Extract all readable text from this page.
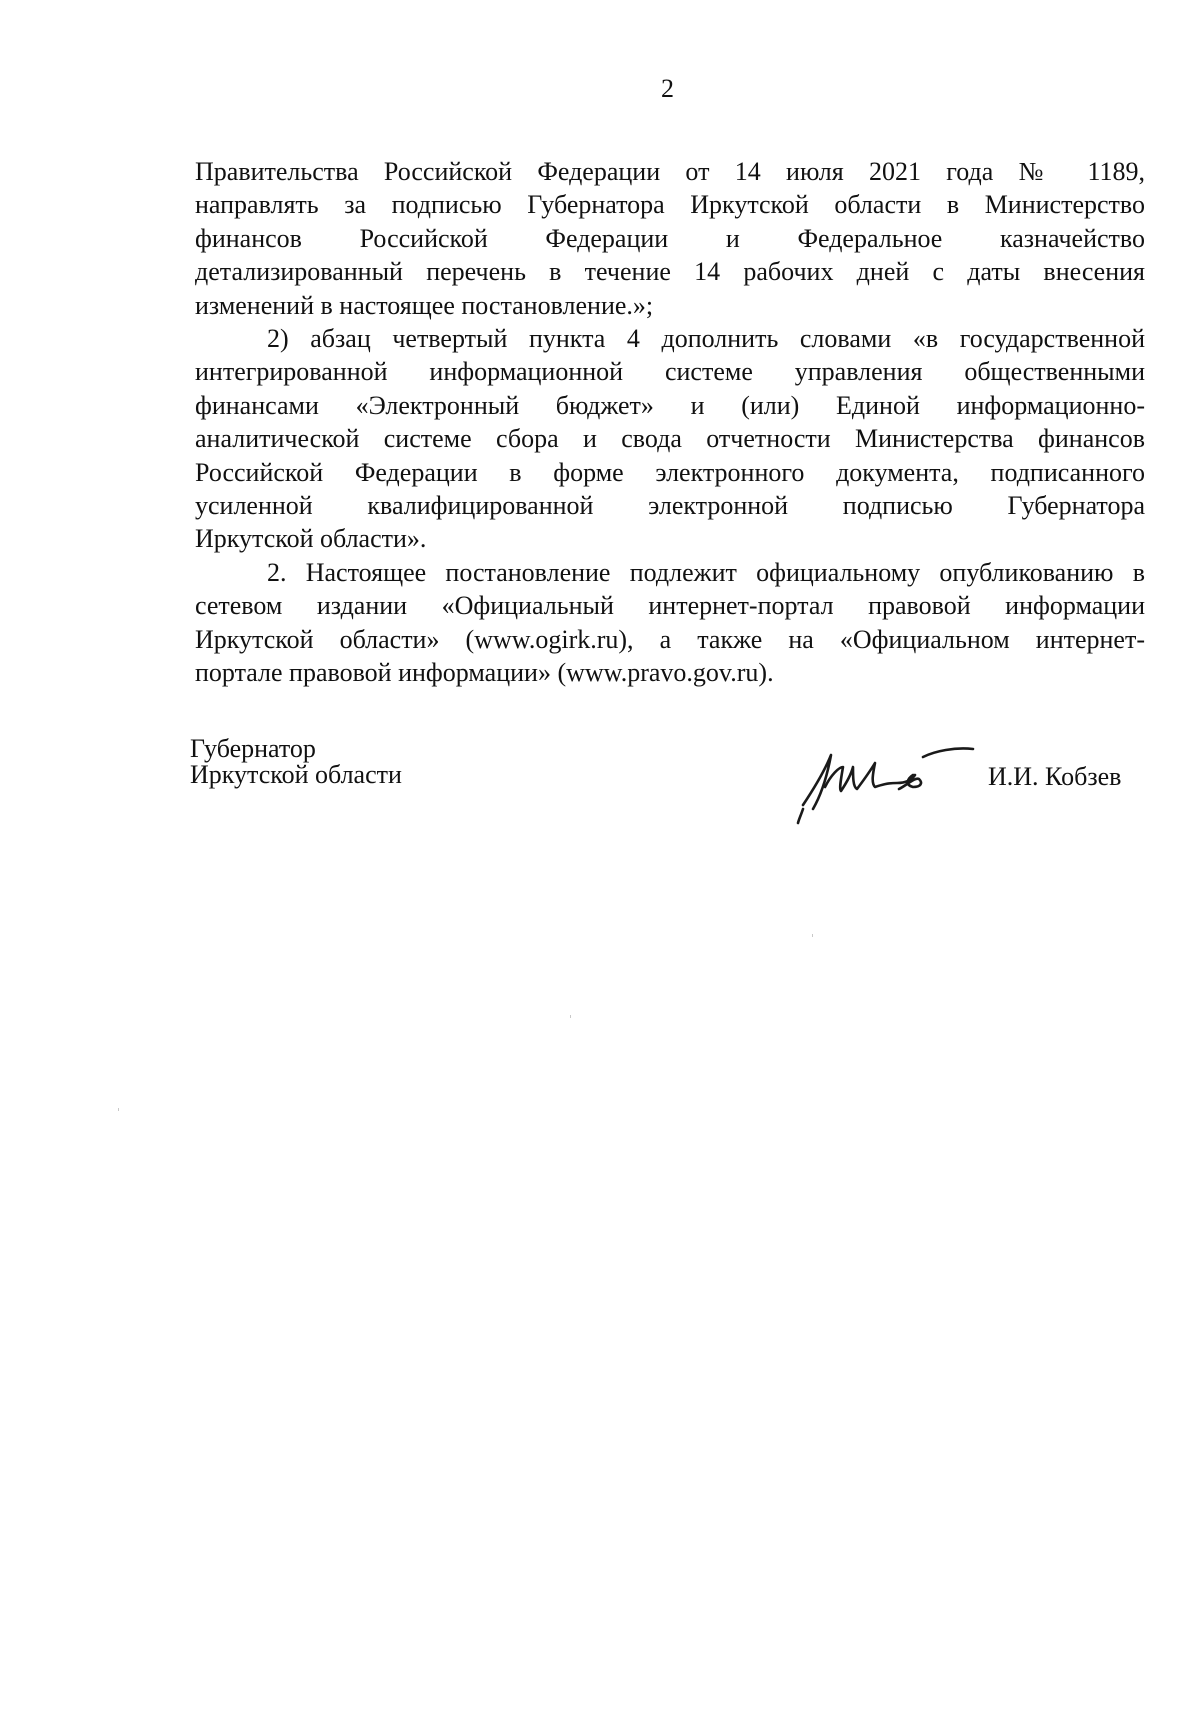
2

Правительства Российской Федерации от 14 июля 2021 года № 1189,

направлять за подписью Губернатора Иркутской области в Министерство

финансов Российской Федерации и Федеральное казначейство

детализированный перечень в течение 14 рабочих дней с даты внесения

изменений в настоящее постановление.»;

2) абзац четвертый пункта 4 дополнить словами «в государственной

интегрированной информационной системе управления общественными

финансами «Электронный бюджет» и (или) Единой информационно-

аналитической системе сбора и свода отчетности Министерства финансов

Российской Федерации в форме электронного документа, подписанного

усиленной квалифицированной электронной подписью Губернатора

Иркутской области».

2. Настоящее постановление подлежит официальному опубликованию в

сетевом издании «Официальный интернет-портал правовой информации

Иркутской области» (www.ogirk.ru), а также на «Официальном интернет-

портале правовой информации» (www.pravo.gov.ru).

Губернатор
Иркутской области	И.И. Кобзев
